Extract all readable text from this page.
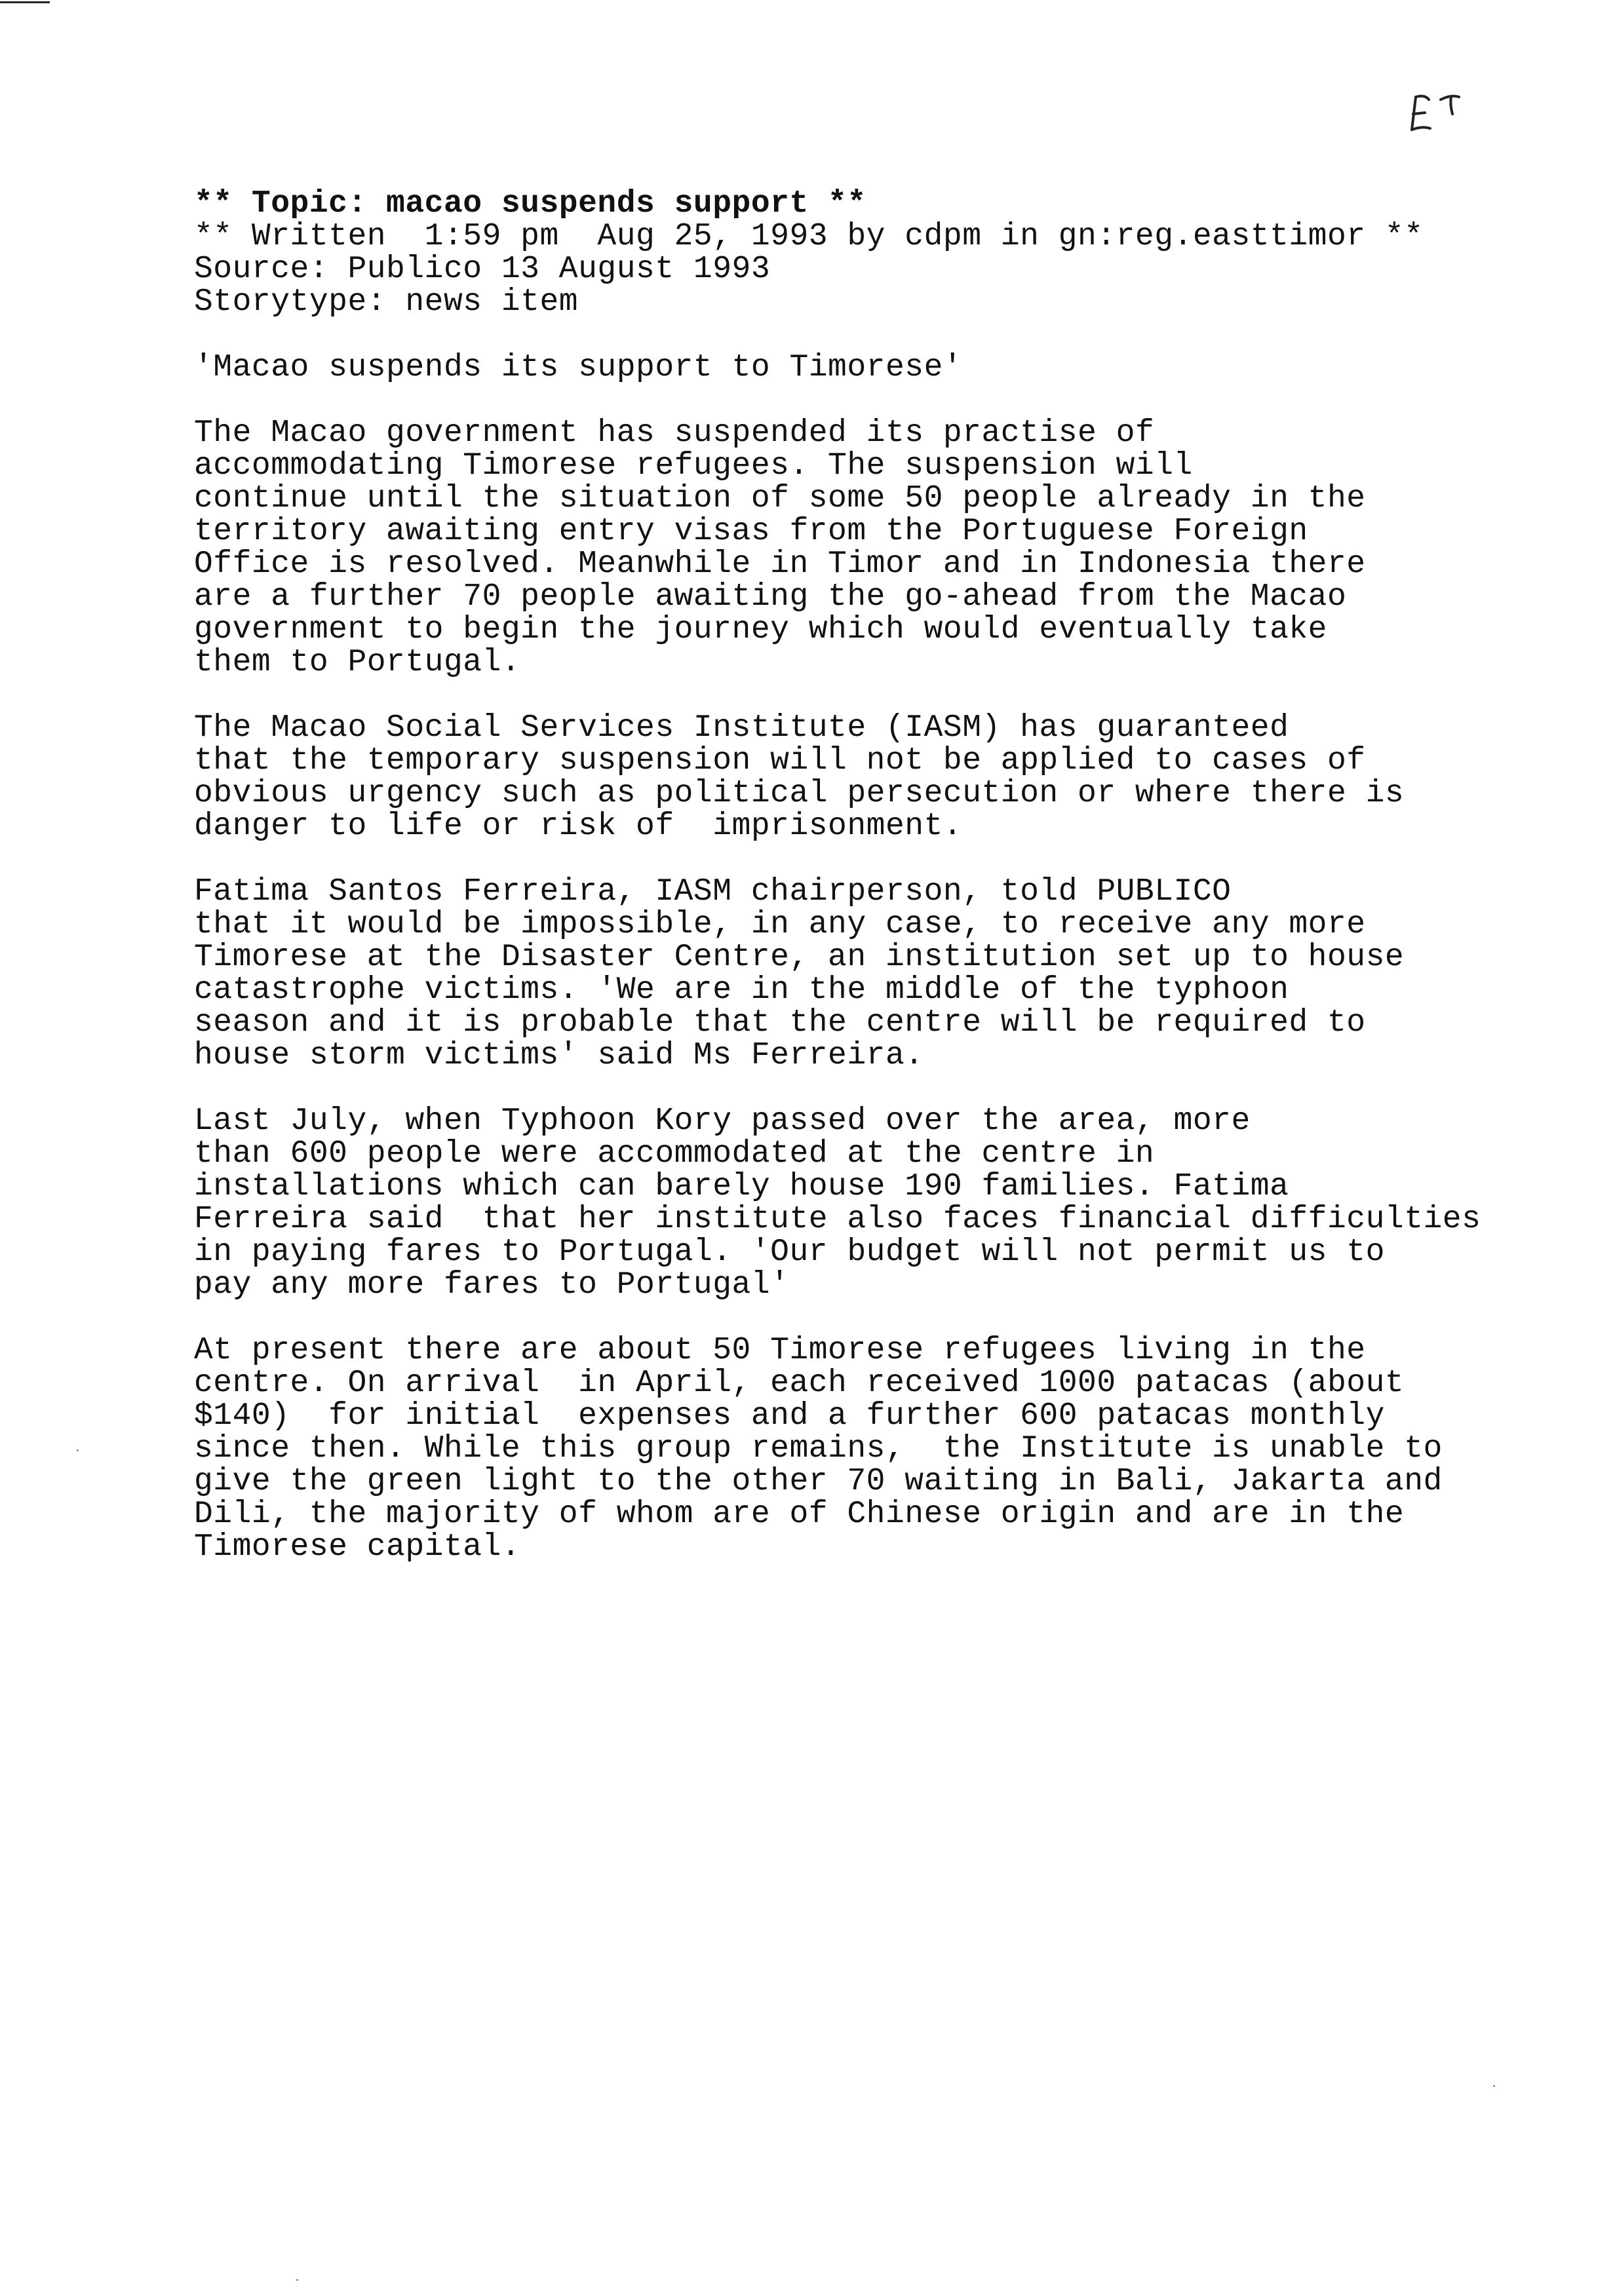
** Topic: macao suspends support **
** Written  1:59 pm  Aug 25, 1993 by cdpm in gn:reg.easttimor **
Source: Publico 13 August 1993
Storytype: news item
'Macao suspends its support to Timorese'
The Macao government has suspended its practise of
accommodating Timorese refugees. The suspension will
continue until the situation of some 50 people already in the
territory awaiting entry visas from the Portuguese Foreign
Office is resolved. Meanwhile in Timor and in Indonesia there
are a further 70 people awaiting the go-ahead from the Macao
government to begin the journey which would eventually take
them to Portugal.
The Macao Social Services Institute (IASM) has guaranteed
that the temporary suspension will not be applied to cases of
obvious urgency such as political persecution or where there is
danger to life or risk of  imprisonment.
Fatima Santos Ferreira, IASM chairperson, told PUBLICO
that it would be impossible, in any case, to receive any more
Timorese at the Disaster Centre, an institution set up to house
catastrophe victims. 'We are in the middle of the typhoon
season and it is probable that the centre will be required to
house storm victims' said Ms Ferreira.
Last July, when Typhoon Kory passed over the area, more
than 600 people were accommodated at the centre in
installations which can barely house 190 families. Fatima
Ferreira said  that her institute also faces financial difficulties
in paying fares to Portugal. 'Our budget will not permit us to
pay any more fares to Portugal'
At present there are about 50 Timorese refugees living in the
centre. On arrival  in April, each received 1000 patacas (about
$140)  for initial  expenses and a further 600 patacas monthly
since then. While this group remains,  the Institute is unable to
give the green light to the other 70 waiting in Bali, Jakarta and
Dili, the majority of whom are of Chinese origin and are in the
Timorese capital.
